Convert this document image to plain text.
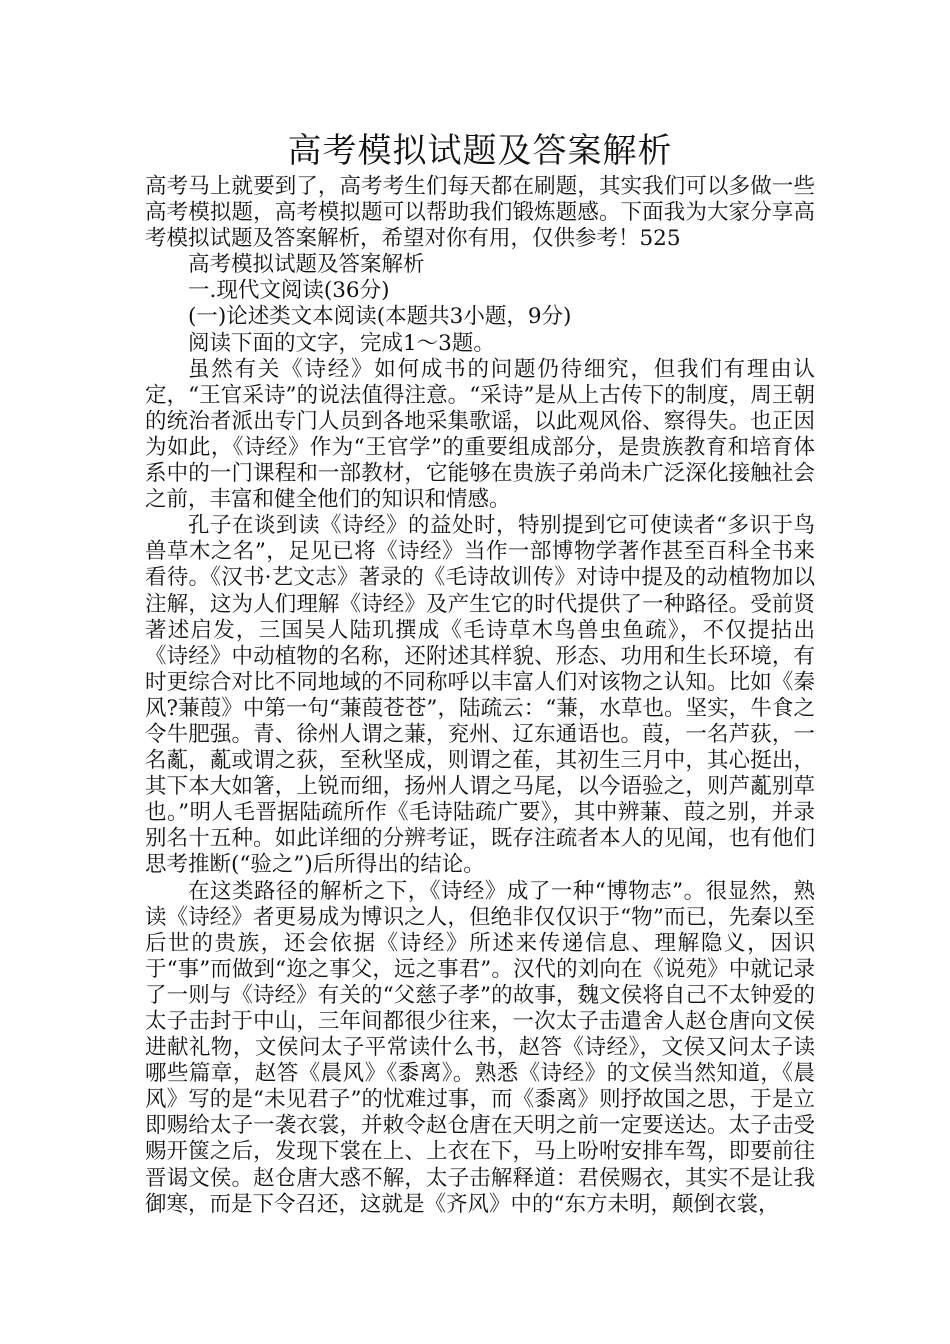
高考模拟试题及答案解析

高考马上就要到了，高考考生们每天都在刷题，其实我们可以多做一些高考模拟题，高考模拟题可以帮助我们锻炼题感。下面我为大家分享高考模拟试题及答案解析，希望对你有用，仅供参考！525

高考模拟试题及答案解析

一.现代文阅读(36分)

(一)论述类文本阅读(本题共3小题，9分)

阅读下面的文字，完成1～3题。

虽然有关《诗经》如何成书的问题仍待细究，但我们有理由认定，“王官采诗”的说法值得注意。“采诗”是从上古传下的制度，周王朝的统治者派出专门人员到各地采集歌谣，以此观风俗、察得失。也正因为如此，《诗经》作为“王官学”的重要组成部分，是贵族教育和培育体系中的一门课程和一部教材，它能够在贵族子弟尚未广泛深化接触社会之前，丰富和健全他们的知识和情感。

孔子在谈到读《诗经》的益处时，特别提到它可使读者“多识于鸟兽草木之名”，足见已将《诗经》当作一部博物学著作甚至百科全书来看待。《汉书·艺文志》著录的《毛诗故训传》对诗中提及的动植物加以注解，这为人们理解《诗经》及产生它的时代提供了一种路径。受前贤著述启发，三国吴人陆玑撰成《毛诗草木鸟兽虫鱼疏》，不仅提拈出《诗经》中动植物的名称，还附述其样貌、形态、功用和生长环境，有时更综合对比不同地域的不同称呼以丰富人们对该物之认知。比如《秦风?蒹葭》中第一句“蒹葭苍苍”，陆疏云：“蒹，水草也。坚实，牛食之令牛肥强。青、徐州人谓之蒹，兖州、辽东通语也。葭，一名芦荻，一名薍，薍或谓之荻，至秋坚成，则谓之萑，其初生三月中，其心挺出，其下本大如箸，上锐而细，扬州人谓之马尾，以今语验之，则芦薍别草也。”明人毛晋据陆疏所作《毛诗陆疏广要》，其中辨蒹、葭之别，并录别名十五种。如此详细的分辨考证，既存注疏者本人的见闻，也有他们思考推断(“验之”)后所得出的结论。

在这类路径的解析之下，《诗经》成了一种“博物志”。很显然，熟读《诗经》者更易成为博识之人，但绝非仅仅识于“物”而已，先秦以至后世的贵族，还会依据《诗经》所述来传递信息、理解隐义，因识于“事”而做到“迩之事父，远之事君”。汉代的刘向在《说苑》中就记录了一则与《诗经》有关的“父慈子孝”的故事，魏文侯将自己不太钟爱的太子击封于中山，三年间都很少往来，一次太子击遣舍人赵仓唐向文侯进献礼物，文侯问太子平常读什么书，赵答《诗经》，文侯又问太子读哪些篇章，赵答《晨风》《黍离》。熟悉《诗经》的文侯当然知道，《晨风》写的是“未见君子”的忧难过事，而《黍离》则抒故国之思，于是立即赐给太子一袭衣裳，并敕令赵仓唐在天明之前一定要送达。太子击受赐开箧之后，发现下裳在上、上衣在下，马上吩咐安排车驾，即要前往晋谒文侯。赵仓唐大惑不解，太子击解释道：君侯赐衣，其实不是让我御寒，而是下令召还，这就是《齐风》中的“东方未明，颠倒衣裳，
